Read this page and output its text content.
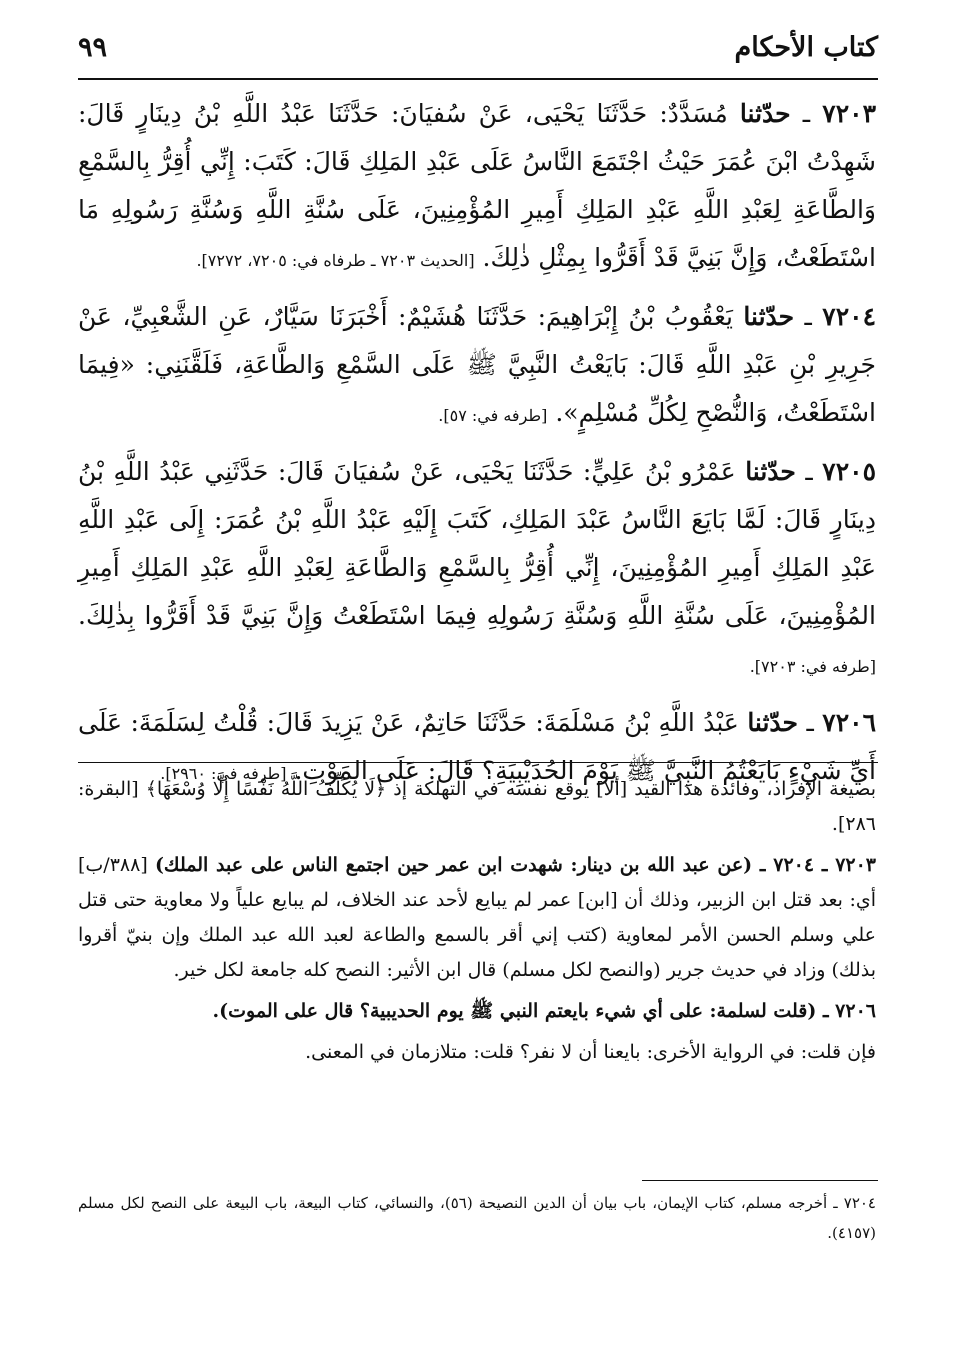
كتاب الأحكام
٩٩

٧٢٠٣ ـ حدّثنا مُسَدَّدٌ: حَدَّثَنَا يَحْيَى، عَنْ سُفيَانَ: حَدَّثَنَا عَبْدُ اللَّهِ بْنُ دِينَارٍ قَالَ: شَهِدْتُ ابْنَ عُمَرَ حَيْثُ اجْتَمَعَ النَّاسُ عَلَى عَبْدِ المَلِكِ قَالَ: كَتَبَ: إِنِّي أُقِرُّ بِالسَّمْعِ وَالطَّاعَةِ لِعَبْدِ اللَّهِ عَبْدِ المَلِكِ أَمِيرِ المُؤْمِنِينَ، عَلَى سُنَّةِ اللَّهِ وَسُنَّةِ رَسُولِهِ مَا اسْتَطَعْتُ، وَإِنَّ بَنِيَّ قَدْ أَقَرُّوا بِمِثْلِ ذٰلِكَ. [الحديث ٧٢٠٣ ـ طرفاه في: ٧٢٠٥، ٧٢٧٢].

٧٢٠٤ ـ حدّثنا يَعْقُوبُ بْنُ إِبْرَاهِيمَ: حَدَّثَنَا هُشَيْمٌ: أَخْبَرَنَا سَيَّارٌ، عَنِ الشَّعْبِيِّ، عَنْ جَرِيرِ بْنِ عَبْدِ اللَّهِ قَالَ: بَايَعْتُ النَّبِيَّ ﷺ عَلَى السَّمْعِ وَالطَّاعَةِ، فَلَقَّنَنِي: «فِيمَا اسْتَطَعْتُ، وَالنُّصْحِ لِكُلِّ مُسْلِمٍ». [طرفه في: ٥٧].

٧٢٠٥ ـ حدّثنا عَمْرُو بْنُ عَلِيٍّ: حَدَّثَنَا يَحْيَى، عَنْ سُفيَانَ قَالَ: حَدَّثَنِي عَبْدُ اللَّهِ بْنُ دِينَارٍ قَالَ: لَمَّا بَايَعَ النَّاسُ عَبْدَ المَلِكِ، كَتَبَ إِلَيْهِ عَبْدُ اللَّهِ بْنُ عُمَرَ: إِلَى عَبْدِ اللَّهِ عَبْدِ المَلِكِ أَمِيرِ المُؤْمِنِينَ، إِنِّي أُقِرُّ بِالسَّمْعِ وَالطَّاعَةِ لِعَبْدِ اللَّهِ عَبْدِ المَلِكِ أَمِيرِ المُؤْمِنِينَ، عَلَى سُنَّةِ اللَّهِ وَسُنَّةِ رَسُولِهِ فِيمَا اسْتَطَعْتُ وَإِنَّ بَنِيَّ قَدْ أَقَرُّوا بِذٰلِكَ. [طرفه في: ٧٢٠٣].

٧٢٠٦ ـ حدّثنا عَبْدُ اللَّهِ بْنُ مَسْلَمَةَ: حَدَّثَنَا حَاتِمٌ، عَنْ يَزِيدَ قَالَ: قُلْتُ لِسَلَمَةَ: عَلَى أَيِّ شَيْءٍ بَايَعْتُمُ النَّبِيَّ ﷺ يَوْمَ الحُدَيْبِيَةِ؟ قَالَ: عَلَى المَوْتِ. [طرفه في: ٢٩٦٠].

بصيغة الإفراد، وفائدة هذا القيد [ألا] يوقع نفسه في التهلكة إذ ﴿لَا يُكَلِّفُ اللَّهُ نَفْسًا إِلَّا وُسْعَهَا﴾ [البقرة: ٢٨٦].

٧٢٠٣ ـ ٧٢٠٤ ـ (عن عبد الله بن دينار: شهدت ابن عمر حين اجتمع الناس على عبد الملك) [٣٨٨/ب] أي: بعد قتل ابن الزبير، وذلك أن [ابن] عمر لم يبايع لأحد عند الخلاف، لم يبايع علياً ولا معاوية حتى قتل علي وسلم الحسن الأمر لمعاوية (كتب إني أقر بالسمع والطاعة لعبد الله عبد الملك وإن بنيّ أقروا بذلك) وزاد في حديث جرير (والنصح لكل مسلم) قال ابن الأثير: النصح كله جامعة لكل خير.

٧٢٠٦ ـ (قلت لسلمة: على أي شيء بايعتم النبي ﷺ يوم الحديبية؟ قال على الموت).

فإن قلت: في الرواية الأخرى: بايعنا أن لا نفر؟ قلت: متلازمان في المعنى.

٧٢٠٤ ـ أخرجه مسلم، كتاب الإيمان، باب بيان أن الدين النصيحة (٥٦)، والنسائي، كتاب البيعة، باب البيعة على النصح لكل مسلم (٤١٥٧).
